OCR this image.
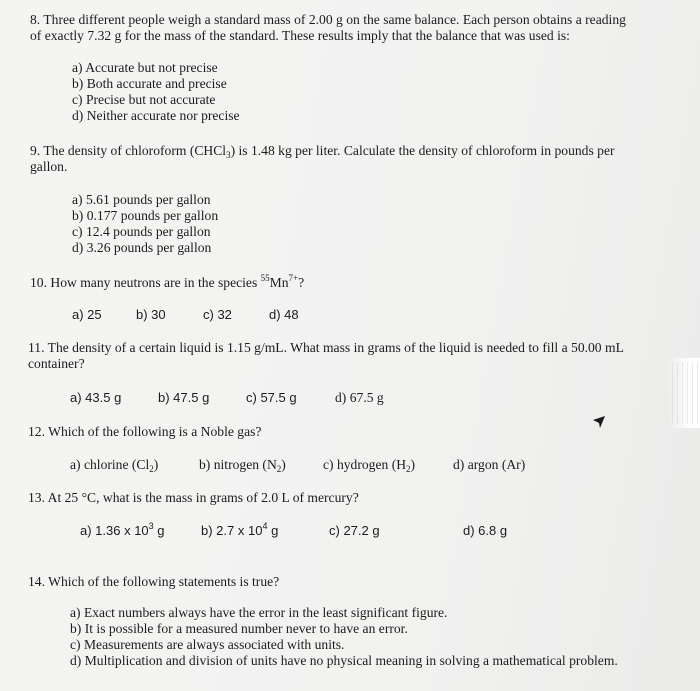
8. Three different people weigh a standard mass of 2.00 g on the same balance. Each person obtains a reading
of exactly 7.32 g for the mass of the standard. These results imply that the balance that was used is:
a) Accurate but not precise
b) Both accurate and precise
c) Precise but not accurate
d) Neither accurate nor precise
9. The density of chloroform (CHCl$_3$) is 1.48 kg per liter. Calculate the density of chloroform in pounds per
gallon.
a) 5.61 pounds per gallon
b) 0.177 pounds per gallon
c) 12.4 pounds per gallon
d) 3.26 pounds per gallon
10. How many neutrons are in the species $^{55}Mn^{7+}$?
a) 25	b) 30	c) 32	d) 48
11. The density of a certain liquid is 1.15 g/mL. What mass in grams of the liquid is needed to fill a 50.00 mL
container?
a) 43.5 g	b) 47.5 g	c) 57.5 g	d) 67.5 g
12. Which of the following is a Noble gas?
a) chlorine $(Cl_2)$	b) nitrogen $(N_2)$	c) hydrogen $(H_2)$	d) argon (Ar)
13. At 25 °C, what is the mass in grams of 2.0 L of mercury?
a) 1.36 x $10^3$ g	b) 2.7 x $10^4$ g	c) 27.2 g	d) 6.8 g
14. Which of the following statements is true?
a) Exact numbers always have the error in the least significant figure.
b) It is possible for a measured number never to have an error.
c) Measurements are always associated with units.
d) Multiplication and division of units have no physical meaning in solving a mathematical problem.
